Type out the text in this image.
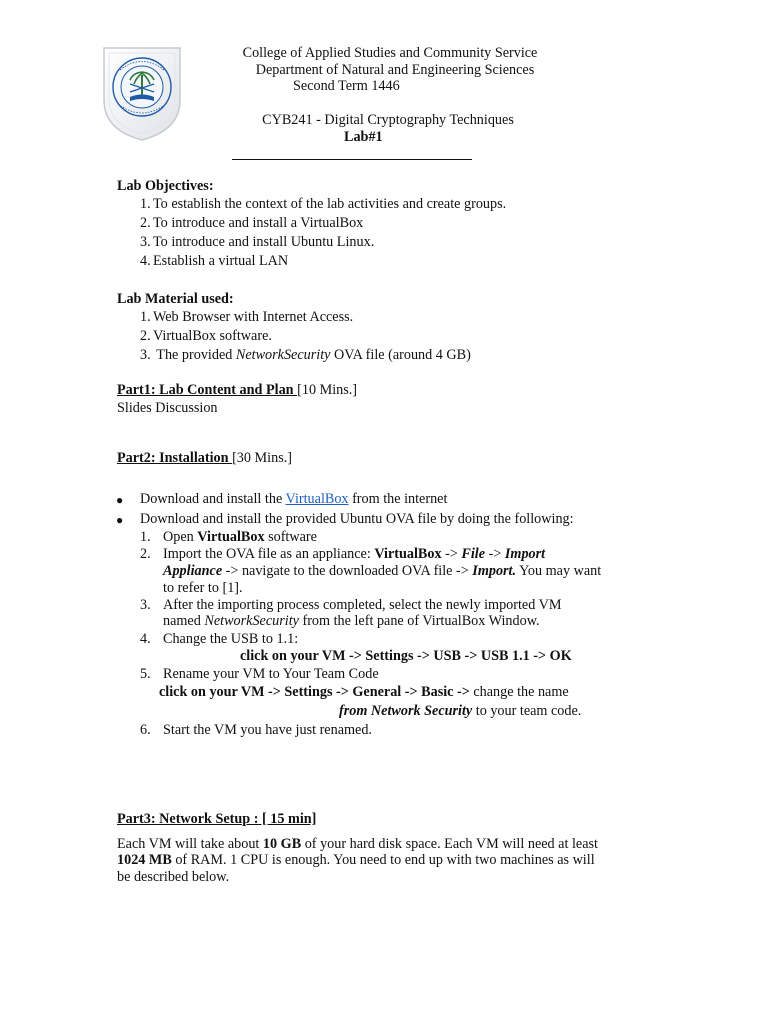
College of Applied Studies and Community Service
Department of Natural and Engineering Sciences
Second Term 1446
CYB241 - Digital Cryptography Techniques
Lab#1
Lab Objectives:
1. To establish the context of the lab activities and create groups.
2. To introduce and install a VirtualBox
3. To introduce and install Ubuntu Linux.
4. Establish a virtual LAN
Lab Material used:
1. Web Browser with Internet Access.
2. VirtualBox software.
3. The provided NetworkSecurity OVA file (around 4 GB)
Part1: Lab Content and Plan [10 Mins.]
Slides Discussion
Part2: Installation [30 Mins.]
● Download and install the VirtualBox from the internet
● Download and install the provided Ubuntu OVA file by doing the following:
1. Open VirtualBox software
2. Import the OVA file as an appliance: VirtualBox -> File -> Import
Appliance -> navigate to the downloaded OVA file -> Import. You may want
to refer to [1].
3. After the importing process completed, select the newly imported VM
named NetworkSecurity from the left pane of VirtualBox Window.
4. Change the USB to 1.1:
click on your VM -> Settings -> USB -> USB 1.1 -> OK
5. Rename your VM to Your Team Code
click on your VM -> Settings -> General -> Basic -> change the name
from Network Security to your team code.
6. Start the VM you have just renamed.
Part3: Network Setup : [ 15 min]
Each VM will take about 10 GB of your hard disk space. Each VM will need at least
1024 MB of RAM. 1 CPU is enough. You need to end up with two machines as will
be described below.
